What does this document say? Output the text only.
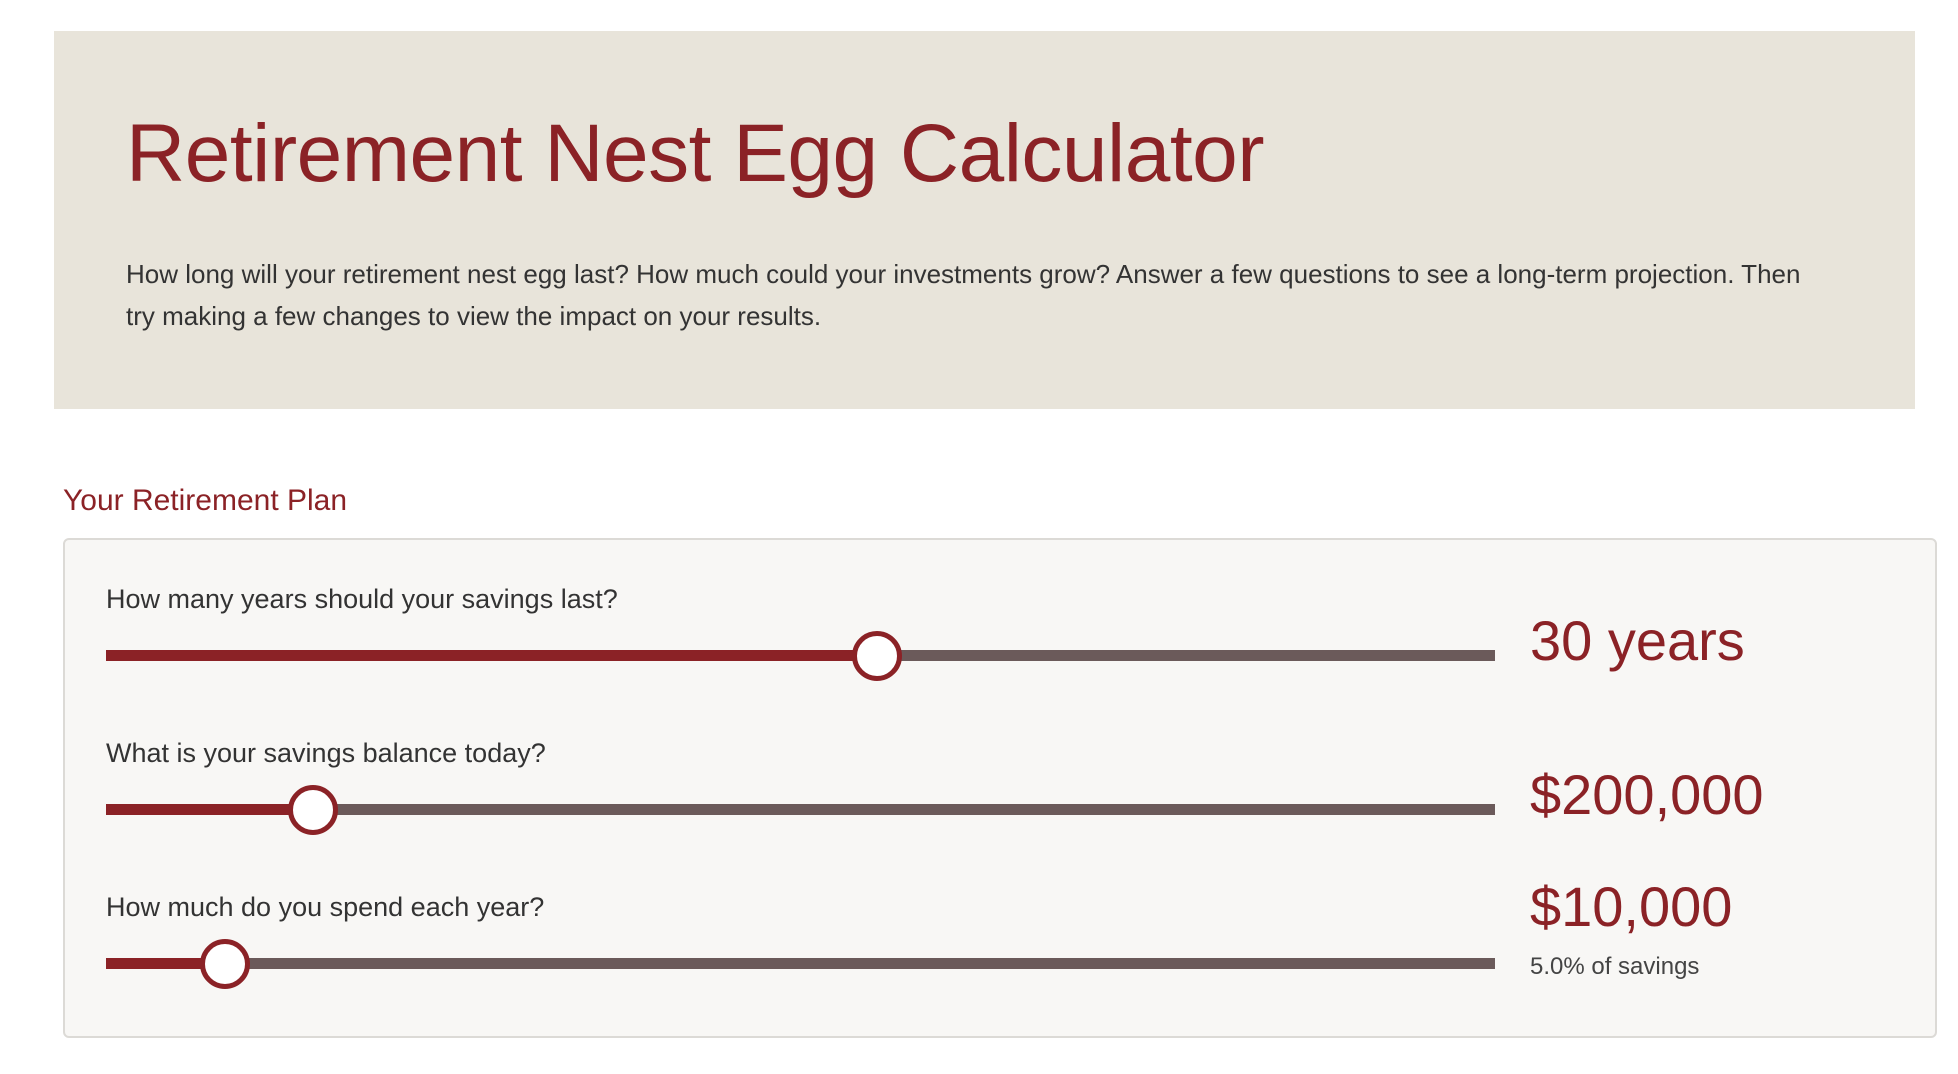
Retirement Nest Egg Calculator

How long will your retirement nest egg last? How much could your investments grow? Answer a few questions to see a long-term projection. Then try making a few changes to view the impact on your results.

Your Retirement Plan

How many years should your savings last?

30 years

What is your savings balance today?

$200,000

How much do you spend each year?	$10,000

5.0% of savings
